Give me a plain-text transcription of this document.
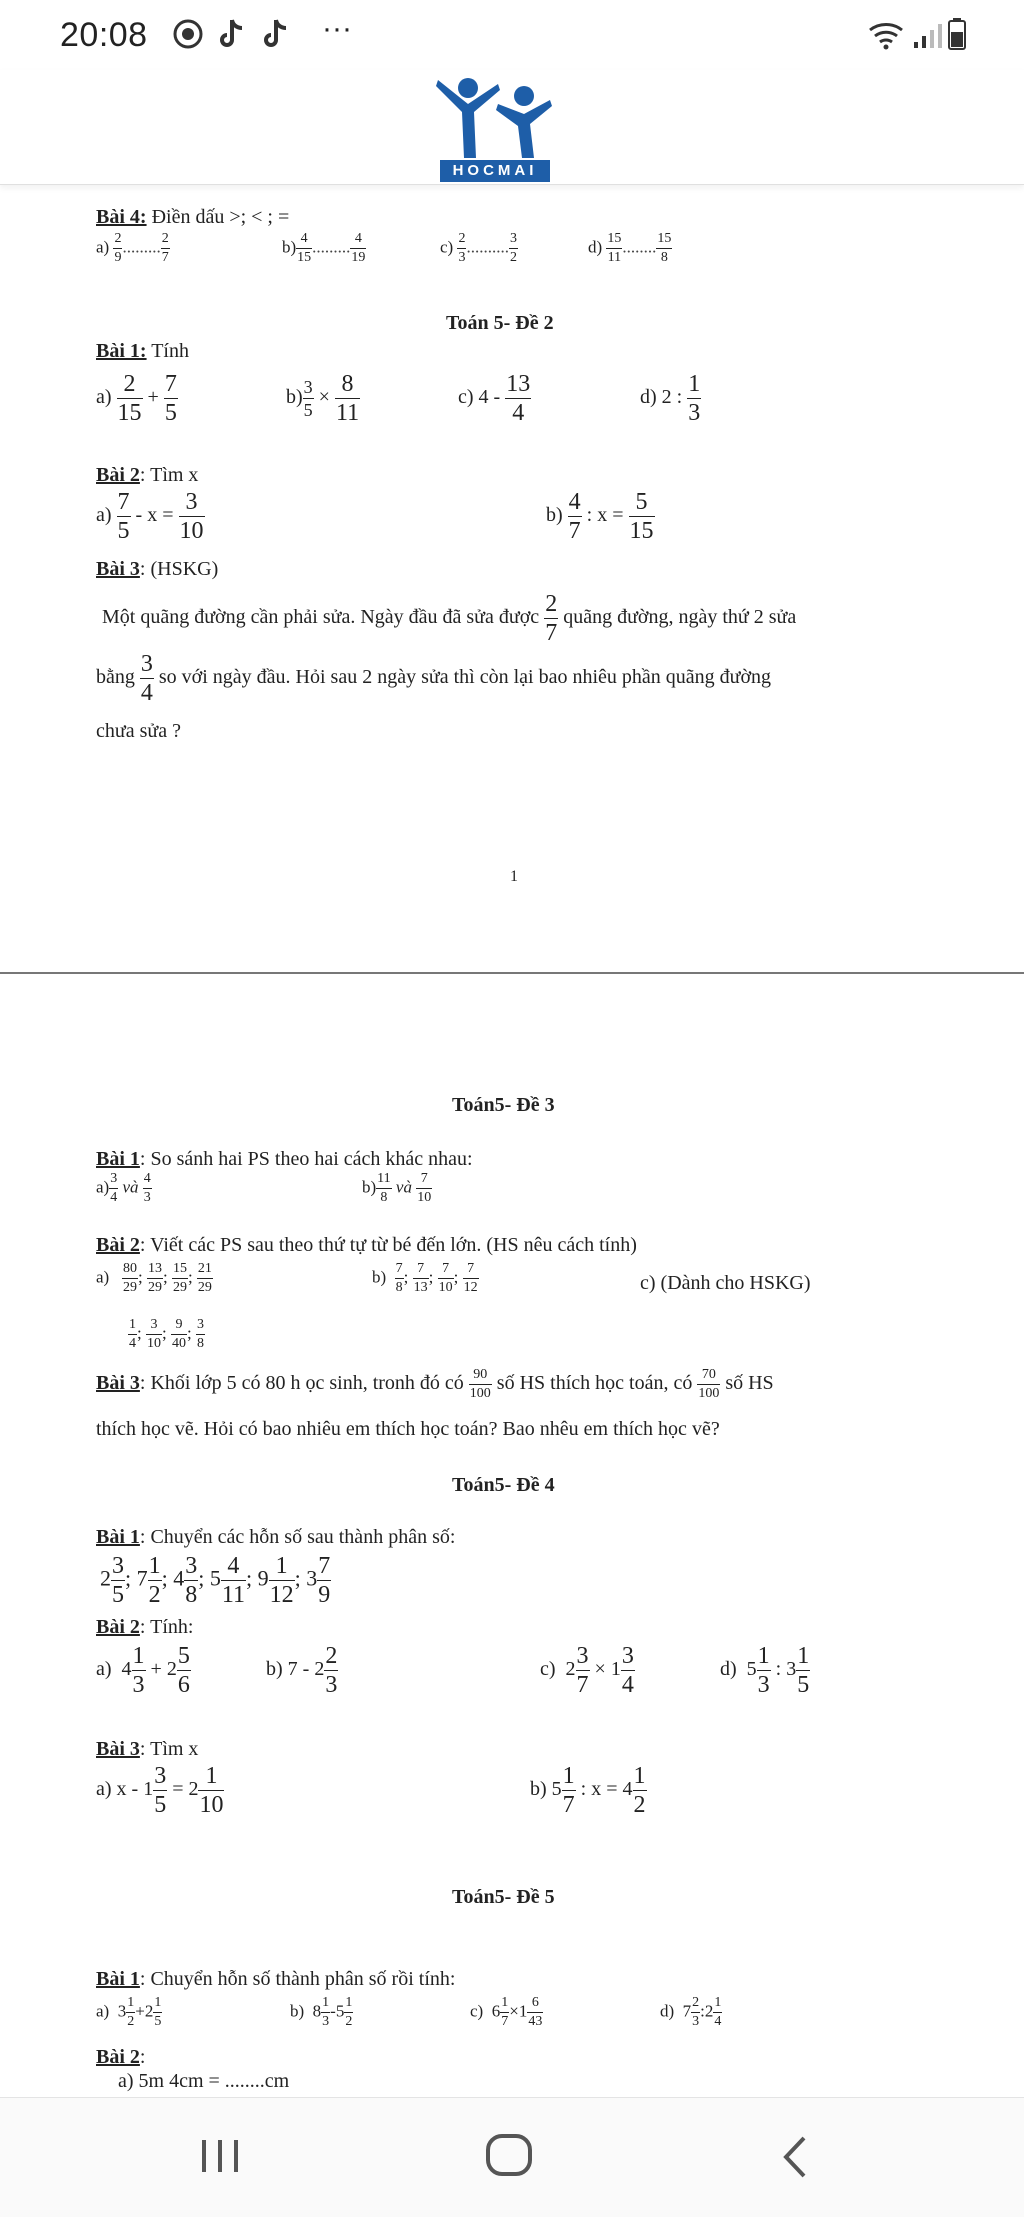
20:08	···
HOCMAI
Bài 4: Điền dấu >; < ; =
$a) \frac{2}{9}$ ......... $\frac{2}{7}$	$b) \frac{4}{15}$ ......... $\frac{4}{19}$	$c) \frac{2}{3}$ .......... $\frac{3}{2}$	$d) \frac{15}{11}$ ........ $\frac{15}{8}$
Toán 5- Đề 2
Bài 1: Tính
$a) \frac{2}{15} + \frac{7}{5}$	$b) \frac{3}{5} \times \frac{8}{11}$	c) $4 - \frac{13}{4}$	d) 2 : $\frac{1}{3}$
Bài 2: Tìm x
$a) \frac{7}{5} - x = \frac{3}{10}$	$b) \frac{4}{7}$ : $x = \frac{5}{15}$
Bài 3: (HSKG)
Một quãng đường cần phải sửa. Ngày đầu đã sửa được $\frac{2}{7}$ quãng đường, ngày thứ 2 sửa
bằng $\frac{3}{4}$ so với ngày đầu. Hỏi sau 2 ngày sửa thì còn lại bao nhiêu phần quãng đường
chưa sửa ?
1
Toán5- Đề 3
Bài 1: So sánh hai PS theo hai cách khác nhau:
$a) \frac{3}{4}$ và $\frac{4}{3}$	$b) \frac{11}{8}$ và $\frac{7}{10}$
Bài 2: Viết các PS sau theo thứ tự từ bé đến lớn. (HS nêu cách tính)
$a) \frac{80}{29}$ ; $\frac{13}{29}$ ; $\frac{15}{29}$ ; $\frac{21}{29}$	$b) \frac{7}{8}$ ; $\frac{7}{13}$ ; $\frac{7}{10}$ ; $\frac{7}{12}$	c) (Dành cho HSKG)
$\frac{1}{4}$ ; $\frac{3}{10}$ ; $\frac{9}{40}$ ; $\frac{3}{8}$
Bài 3: Khối lớp 5 có 80 h ọc sinh, tronh đó có $\frac{90}{100}$ số HS thích học toán, có $\frac{70}{100}$ số HS
thích học vẽ. Hỏi có bao nhiêu em thích học toán? Bao nhêu em thích học vẽ?
Toán5- Đề 4
Bài 1: Chuyển các hỗn số sau thành phân số:
$2 \frac{3}{5}$ ; $7 \frac{1}{2}$ ; $4 \frac{3}{8}$ ; $5 \frac{4}{11}$ ; $9 \frac{1}{12}$ ; $3 \frac{7}{9}$
Bài 2: Tính:
a) $4 \frac{1}{3} + 2 \frac{5}{6}$	b) $7 - 2 \frac{2}{3}$	c) $2 \frac{3}{7} \times 1 \frac{3}{4}$	d) $5 \frac{1}{3}$ : $3 \frac{1}{5}$
Bài 3: Tìm x
a) $x - 1 \frac{3}{5} = 2 \frac{1}{10}$	b) $5 \frac{1}{7}$ : $x = 4 \frac{1}{2}$
Toán5- Đề 5
Bài 1: Chuyển hỗn số thành phân số rồi tính:
a) $3 \frac{1}{2} +2 \frac{1}{5}$	b) $8 \frac{1}{3} -5 \frac{1}{2}$	c) $6 \frac{1}{7} \times 1 \frac{6}{43}$	d) $7 \frac{2}{3}$ :2 $\frac{1}{4}$
Bài 2:
a) 5m 4cm = ........cm
